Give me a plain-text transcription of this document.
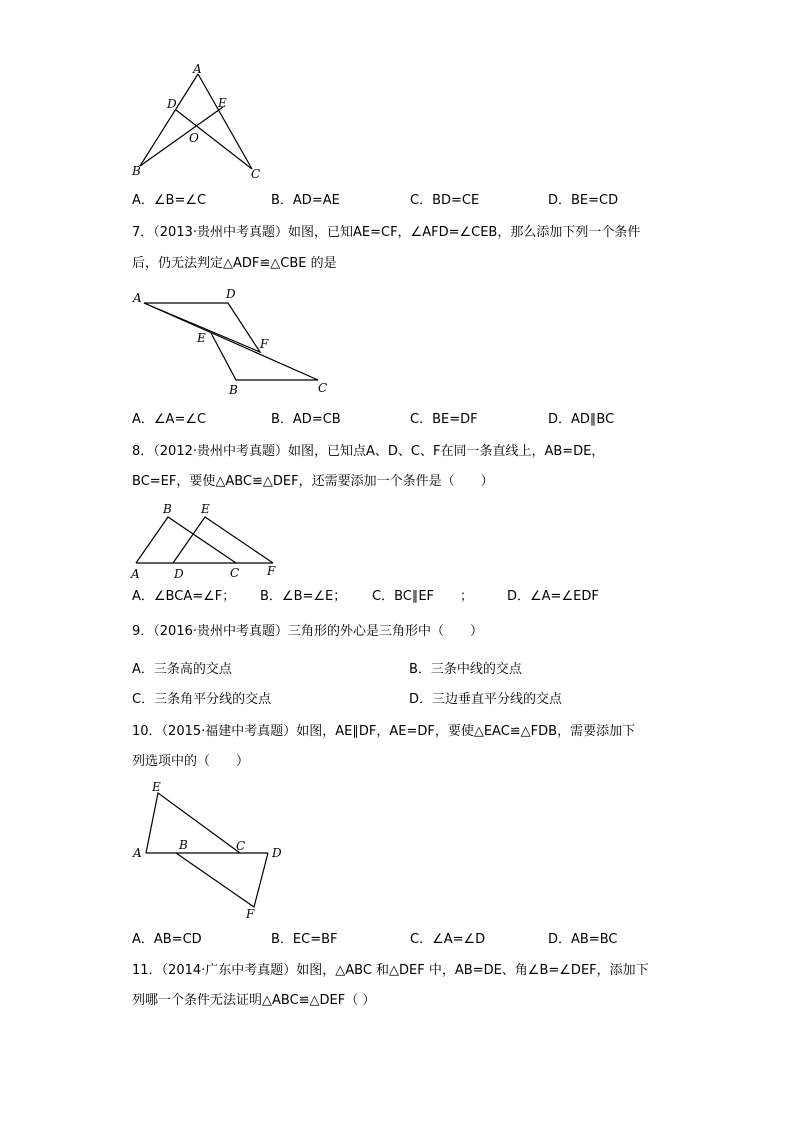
A
D	E
O
B	C
A．∠B=∠C	B．AD=AE	C．BD=CE	D．BE=CD
7．（2013·贵州中考真题）如图，已知AE=CF，∠AFD=∠CEB，那么添加下列一个条件
后，仍无法判定△ADF≌△CBE 的是
A	D
E	F
B	C
A．∠A=∠C	B．AD=CB	C．BE=DF	D．AD∥BC
8．（2012·贵州中考真题）如图，已知点A、D、C、F在同一条直线上，AB=DE，
BC=EF，要使△ABC≌△DEF，还需要添加一个条件是（　　）
B E
A	D	C F
A．∠BCA=∠F； B．∠B=∠E； C．BC∥EF　　；	D．∠A=∠EDF
9．（2016·贵州中考真题）三角形的外心是三角形中（　　）
A．三条高的交点	B．三条中线的交点
C．三条角平分线的交点	D．三边垂直平分线的交点
10．（2015·福建中考真题）如图，AE∥DF，AE=DF，要使△EAC≌△FDB，需要添加下
列选项中的（　　）
E
A
B	C D
F
A．AB=CD	B．EC=BF	C．∠A=∠D	D．AB=BC
11．（2014·广东中考真题）如图，△ABC 和△DEF 中，AB=DE、角∠B=∠DEF，添加下
列哪一个条件无法证明△ABC≌△DEF（ ）
